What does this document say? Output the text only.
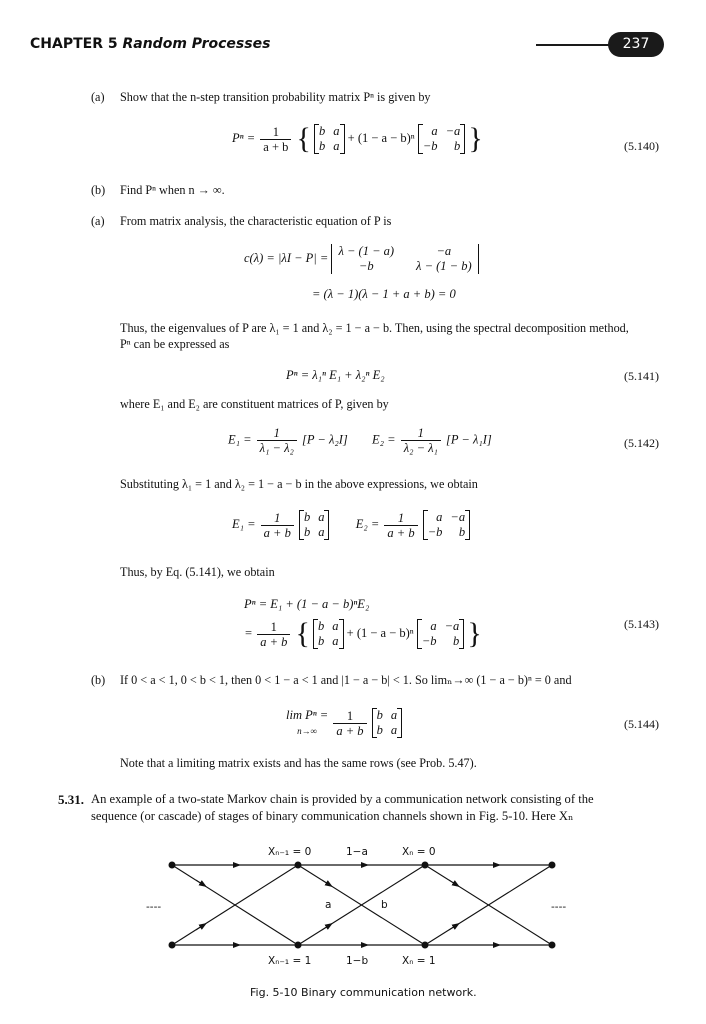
CHAPTER 5 Random Processes	237
(a) Show that the n-step transition probability matrix Pⁿ is given by
$P^n = \frac{1}{a + b}$ { b a
b a
+ (1 − a − b)ⁿ	a −a
−b	b }	(5.140)
(b) Find Pⁿ when n → ∞.
(a) From matrix analysis, the characteristic equation of P is
c(λ) = |λI − P| = λ − (1 − a)	−a
−b	λ − (1 − b)
= (λ − 1)(λ − 1 + a + b) = 0
Thus, the eigenvalues of P are λ₁ = 1 and λ₂ = 1 − a − b. Then, using the spectral decomposition method,
Pⁿ can be expressed as
Pⁿ = λ₁ⁿ E₁ + λ₂ⁿ E₂	(5.141)
where E₁ and E₂ are constituent matrices of P, given by
$E_1 = \frac{1}{\text{λ₁ − λ₂}} [P - \lambda_2I] E_2 = \frac{1}{\text{λ₂ − λ₁}} [P - \lambda_1I]$	(5.142)
Substituting λ₁ = 1 and λ₂ = 1 − a − b in the above expressions, we obtain
$E_1 = \frac{1}{a + b}$
b a
b a
$E_2 = \frac{1}{a + b}$
	a −a
−b	b
Thus, by Eq. (5.141), we obtain
Pⁿ = E₁ + (1 − a − b)ⁿE₂
= $\frac{1}{a + b}$ { b a
b a
+ (1 − a − b)ⁿ	a −a
−b	b }	(5.143)
(b) If 0 < a < 1, 0 < b < 1, then 0 < 1 − a < 1 and |1 − a − b| < 1. So limₙ→∞ (1 − a − b)ⁿ = 0 and
lim Pⁿ =
$n\to\infty \frac{1}{a + b}$
b a
b a	(5.144)
Note that a limiting matrix exists and has the same rows (see Prob. 5.47).
5.31. An example of a two-state Markov chain is provided by a communication network consisting of the
sequence (or cascade) of stages of binary communication channels shown in Fig. 5-10. Here Xₙ
Xₙ₋₁ = 0	1−a	Xₙ = 0
a	b
----	----
Xₙ₋₁ = 1	1−b	Xₙ = 1
Fig. 5-10 Binary communication network.
